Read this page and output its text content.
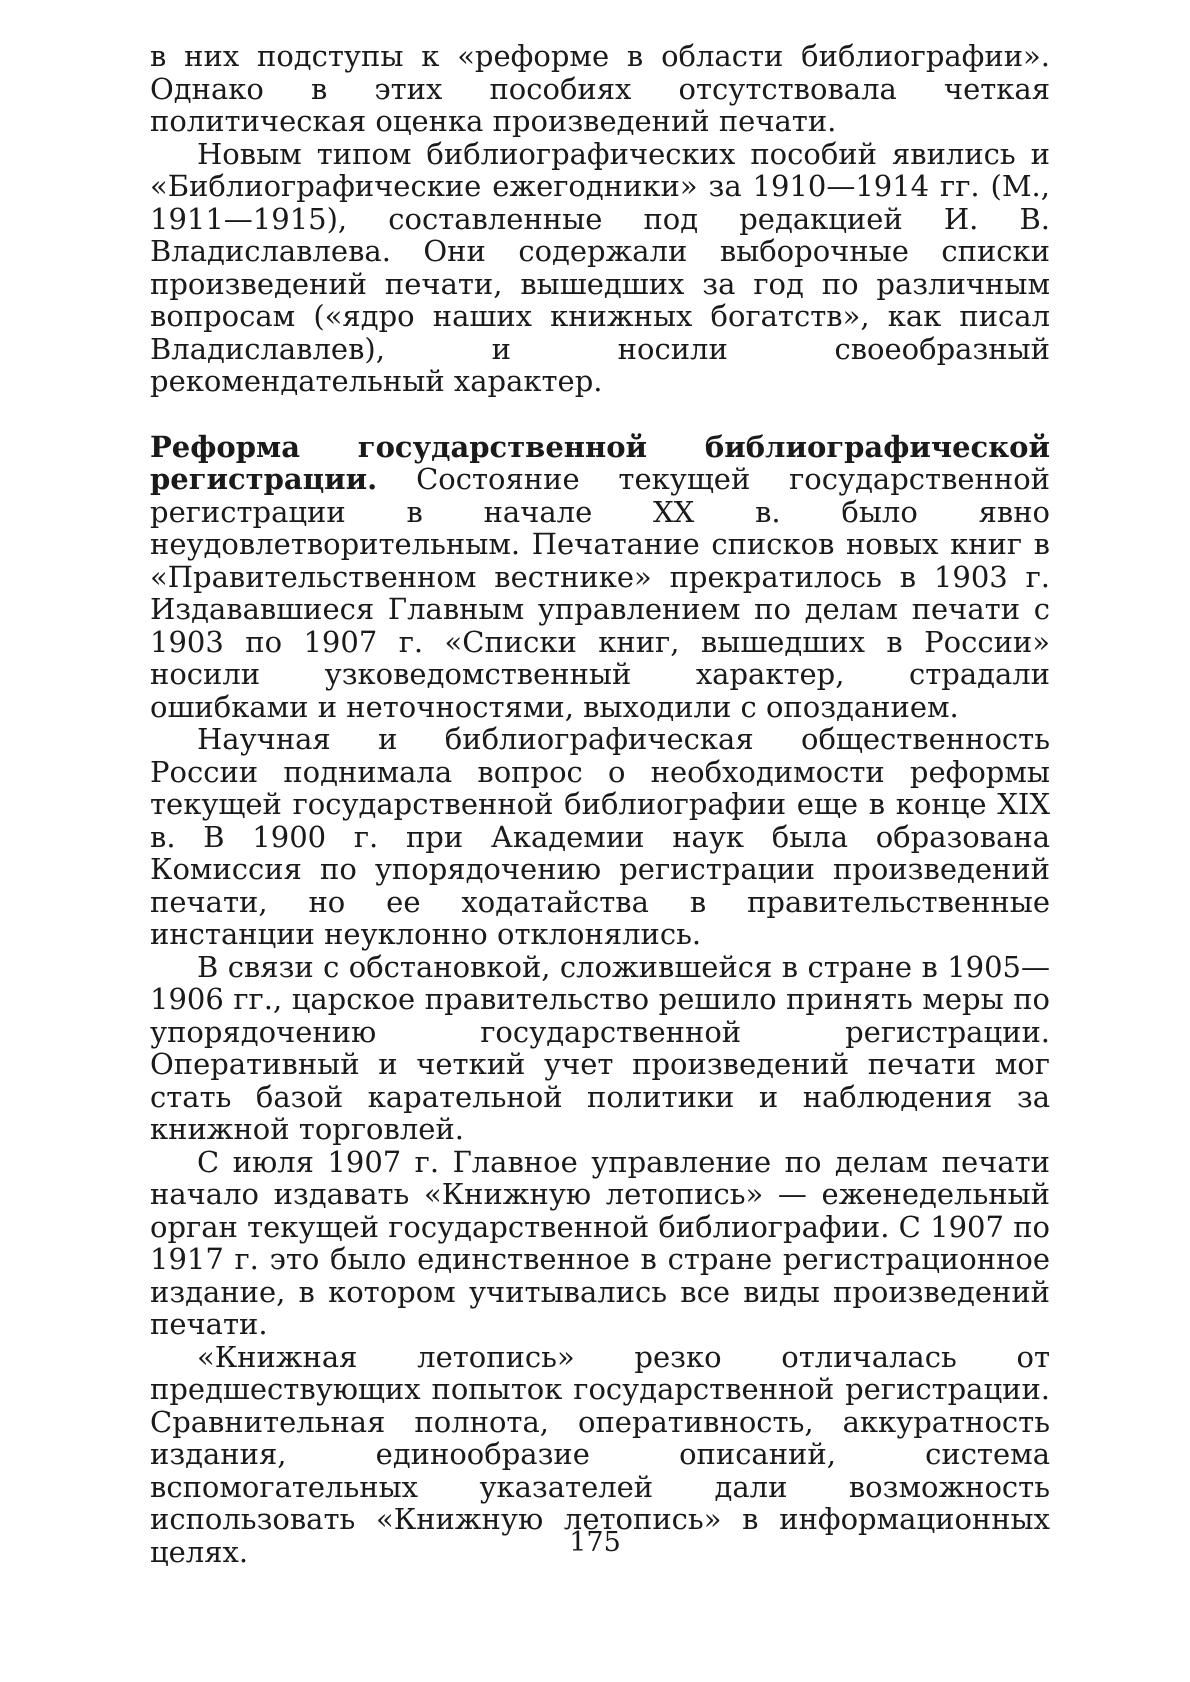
в них подступы к «реформе в области библиографии». Однако в этих пособиях отсутствовала четкая политическая оценка произведений печати.

Новым типом библиографических пособий явились и «Библиографические ежегодники» за 1910—1914 гг. (М., 1911—1915), составленные под редакцией И. В. Владиславлева. Они содержали выборочные списки произведений печати, вышедших за год по различным вопросам («ядро наших книжных богатств», как писал Владиславлев), и носили своеобразный рекомендательный характер.

Реформа государственной библиографической регистрации. Состояние текущей государственной регистрации в начале XX в. было явно неудовлетворительным. Печатание списков новых книг в «Правительственном вестнике» прекратилось в 1903 г. Издававшиеся Главным управлением по делам печати с 1903 по 1907 г. «Списки книг, вышедших в России» носили узковедомственный характер, страдали ошибками и неточностями, выходили с опозданием.

Научная и библиографическая общественность России поднимала вопрос о необходимости реформы текущей государственной библиографии еще в конце XIX в. В 1900 г. при Академии наук была образована Комиссия по упорядочению регистрации произведений печати, но ее ходатайства в правительственные инстанции неуклонно отклонялись.

В связи с обстановкой, сложившейся в стране в 1905—1906 гг., царское правительство решило принять меры по упорядочению государственной регистрации. Оперативный и четкий учет произведений печати мог стать базой карательной политики и наблюдения за книжной торговлей.

С июля 1907 г. Главное управление по делам печати начало издавать «Книжную летопись» — еженедельный орган текущей государственной библиографии. С 1907 по 1917 г. это было единственное в стране регистрационное издание, в котором учитывались все виды произведений печати.

«Книжная летопись» резко отличалась от предшествующих попыток государственной регистрации. Сравнительная полнота, оперативность, аккуратность издания, единообразие описаний, система вспомогательных указателей дали возможность использовать «Книжную летопись» в информационных целях.	175
